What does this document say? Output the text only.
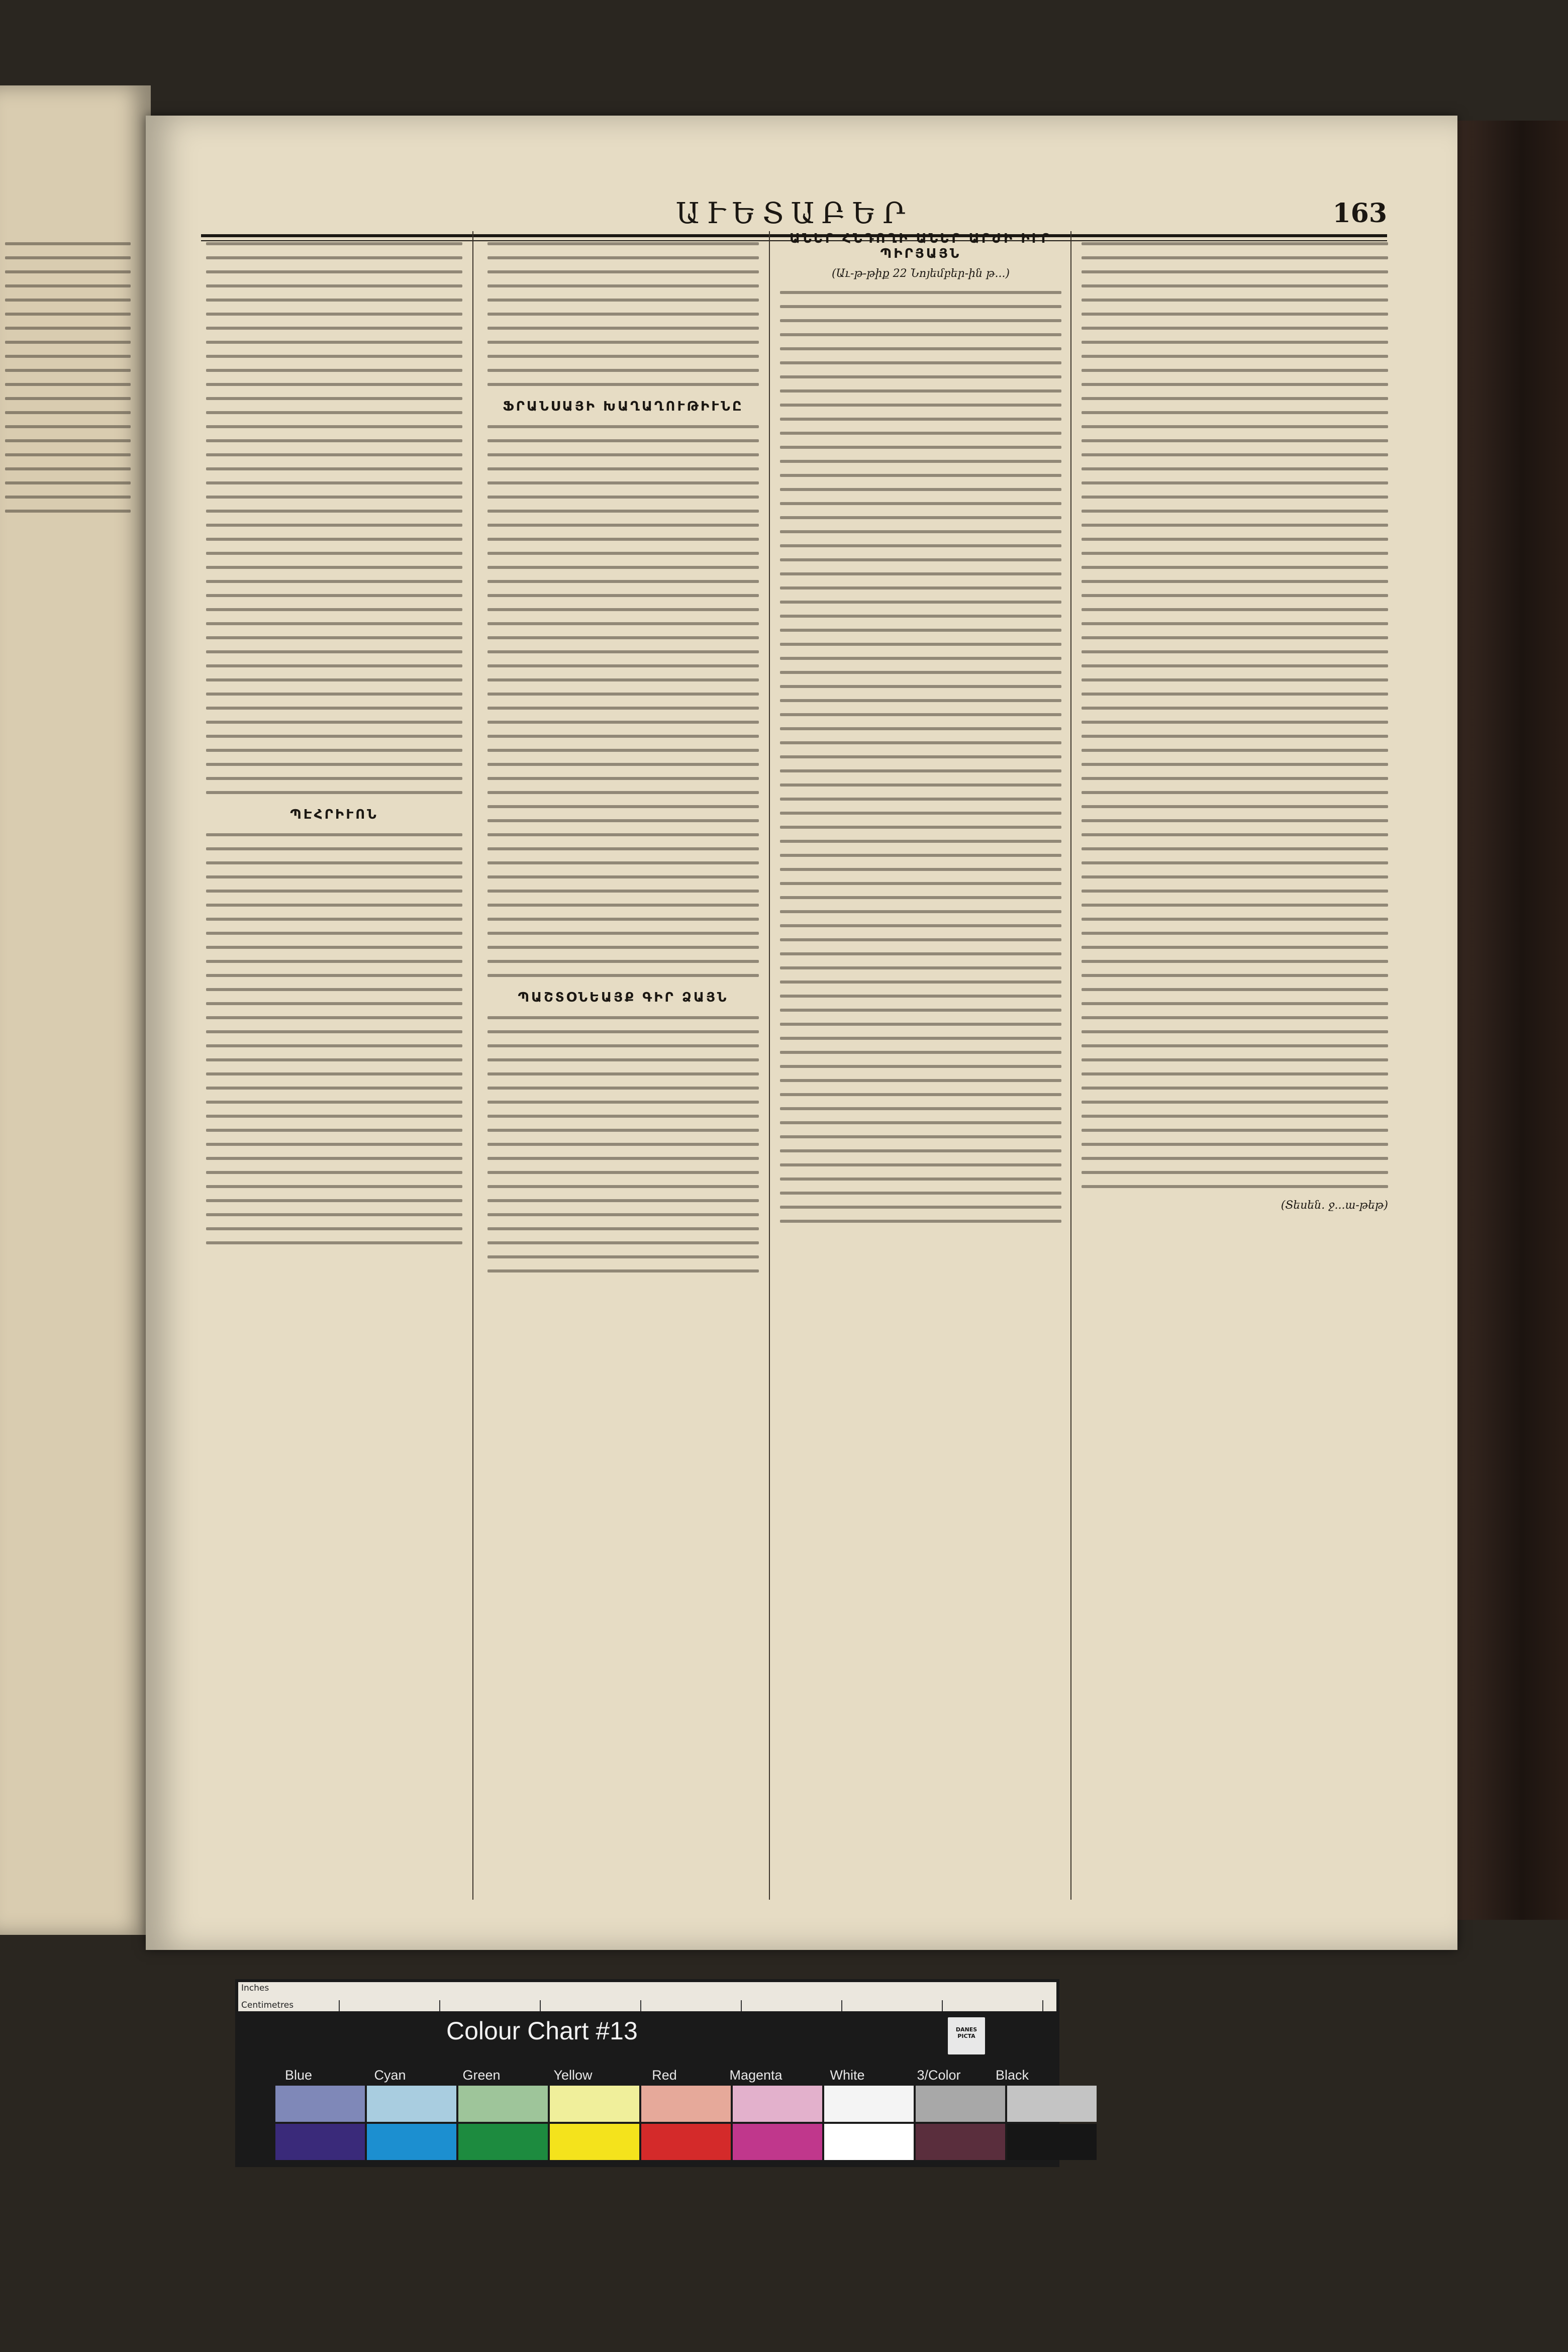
ԱՒԵՏԱԲԵՐ	163
ՊԷՀՐԻՒՈՆ
ՖՐԱՆՍԱՅԻ ԽԱՂԱՂՈՒԹԻՒՆԸ
ՊԱՇՏՕՆԵԱՅՔ ԳԻՐ ՁԱՅՆ
ԱՆԵՐ ՀՆԴՈՂԻ ԱՆԵՐ ԱՐԺԻ ԻՒՐ ՊԻՐՅԱՅՆ
(Աւ-թ-թիք 22 Նոյեմբեր-ին թ...)
(Տեսեն. ջ...ա-թեթ)
Inches
Centimetres
Colour Chart #13	DANES PICTA
Blue	Cyan	Green	Yellow	Red	Magenta	White	3/Color	Black
